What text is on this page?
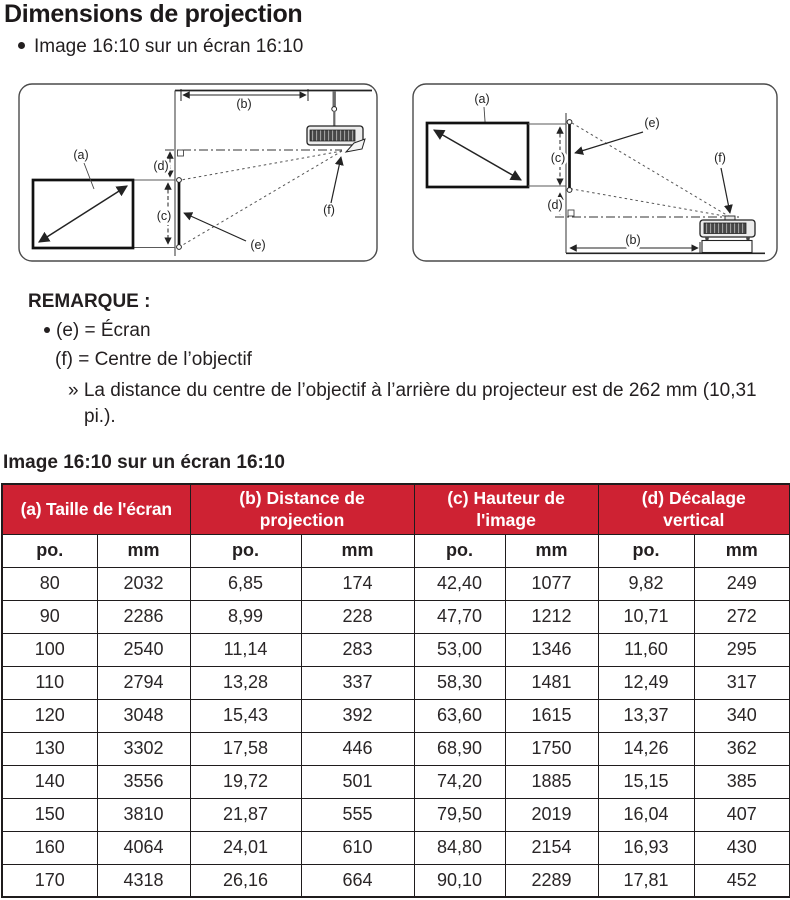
Dimensions de projection
Image 16:10 sur un écran 16:10
(b)
(d)
(c)
(a)
(e)
(f)
(a)
(c)
(d)
(e)
(f)
(b)
REMARQUE :
(e) = Écran
(f) = Centre de l’objectif
» La distance du centre de l’objectif à l’arrière du projecteur est de 262 mm (10,31 pi.).
Image 16:10 sur un écran 16:10
(a) Taille de l'écran		(b) Distance de projection		(c) Hauteur de l'image		(d) Décalage vertical	
po.	mm	po.	mm	po.	mm	po.	mm
80	2032	6,85	174	42,40	1077	9,82	249
90	2286	8,99	228	47,70	1212	10,71	272
100	2540	11,14	283	53,00	1346	11,60	295
110	2794	13,28	337	58,30	1481	12,49	317
120	3048	15,43	392	63,60	1615	13,37	340
130	3302	17,58	446	68,90	1750	14,26	362
140	3556	19,72	501	74,20	1885	15,15	385
150	3810	21,87	555	79,50	2019	16,04	407
160	4064	24,01	610	84,80	2154	16,93	430
170	4318	26,16	664	90,10	2289	17,81	452
